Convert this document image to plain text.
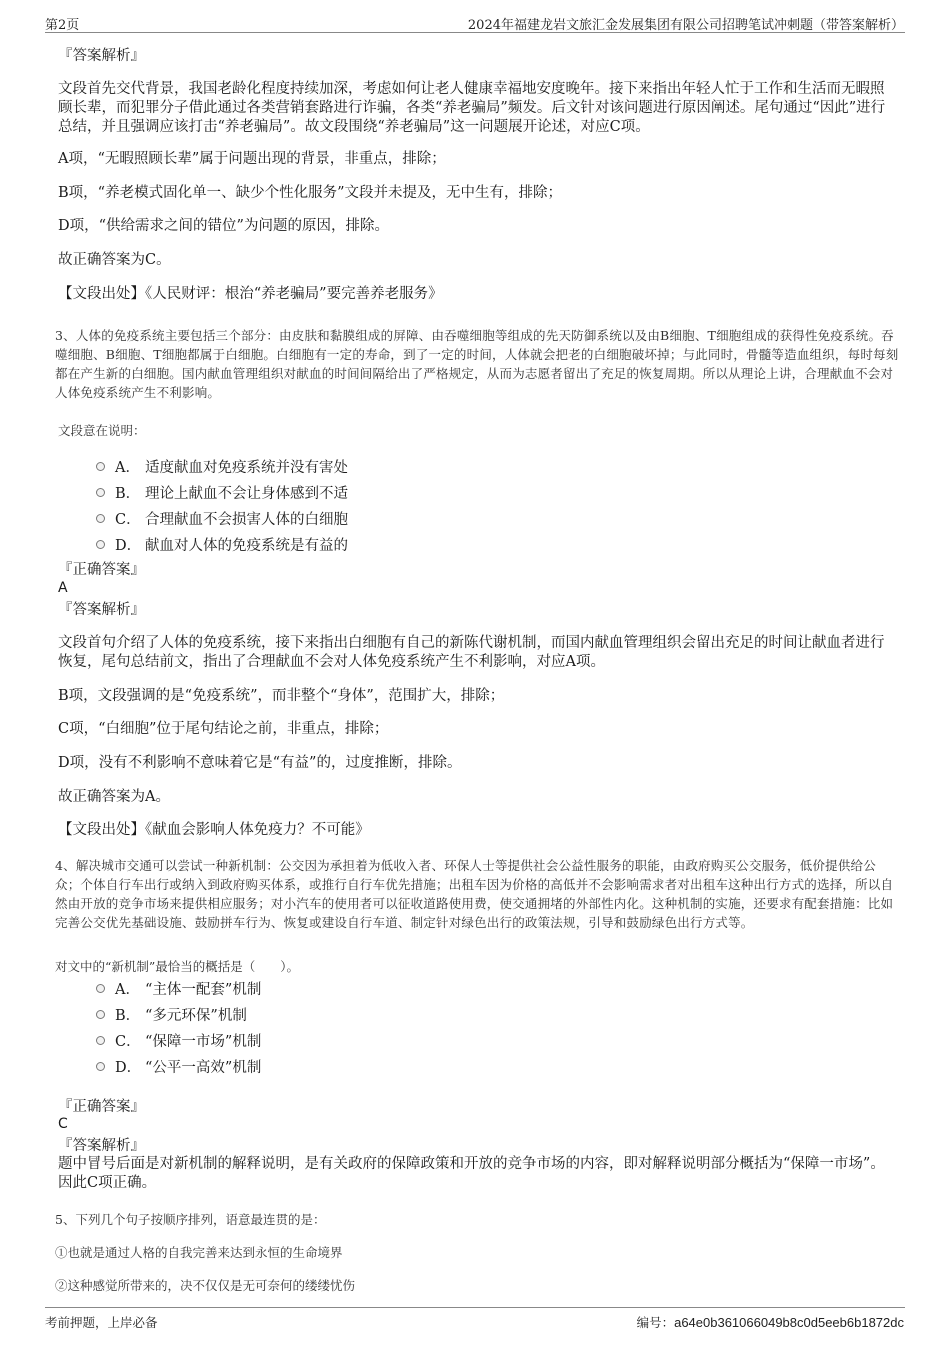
第2页	2024年福建龙岩文旅汇金发展集团有限公司招聘笔试冲刺题（带答案解析）
『答案解析』
文段首先交代背景，我国老龄化程度持续加深，考虑如何让老人健康幸福地安度晚年。接下来指出年轻人忙于工作和生活而无暇照顾长辈，而犯罪分子借此通过各类营销套路进行诈骗，各类“养老骗局”频发。后文针对该问题进行原因阐述。尾句通过“因此”进行总结，并且强调应该打击“养老骗局”。故文段围绕“养老骗局”这一问题展开论述，对应C项。
A项，“无暇照顾长辈”属于问题出现的背景，非重点，排除；
B项，“养老模式固化单一、缺少个性化服务”文段并未提及，无中生有，排除；
D项，“供给需求之间的错位”为问题的原因，排除。
故正确答案为C。
【文段出处】《人民财评：根治“养老骗局”要完善养老服务》
3、人体的免疫系统主要包括三个部分：由皮肤和黏膜组成的屏障、由吞噬细胞等组成的先天防御系统以及由B细胞、T细胞组成的获得性免疫系统。吞噬细胞、B细胞、T细胞都属于白细胞。白细胞有一定的寿命，到了一定的时间，人体就会把老的白细胞破坏掉；与此同时，骨髓等造血组织，每时每刻都在产生新的白细胞。国内献血管理组织对献血的时间间隔给出了严格规定，从而为志愿者留出了充足的恢复周期。所以从理论上讲，合理献血不会对人体免疫系统产生不利影响。
文段意在说明：
A． 适度献血对免疫系统并没有害处
B． 理论上献血不会让身体感到不适
C． 合理献血不会损害人体的白细胞
D． 献血对人体的免疫系统是有益的
『正确答案』
A
『答案解析』
文段首句介绍了人体的免疫系统，接下来指出白细胞有自己的新陈代谢机制，而国内献血管理组织会留出充足的时间让献血者进行恢复，尾句总结前文，指出了合理献血不会对人体免疫系统产生不利影响，对应A项。
B项，文段强调的是“免疫系统”，而非整个“身体”，范围扩大，排除；
C项，“白细胞”位于尾句结论之前，非重点，排除；
D项，没有不利影响不意味着它是“有益”的，过度推断，排除。
故正确答案为A。
【文段出处】《献血会影响人体免疫力？不可能》
4、解决城市交通可以尝试一种新机制：公交因为承担着为低收入者、环保人士等提供社会公益性服务的职能，由政府购买公交服务，低价提供给公众；个体自行车出行或纳入到政府购买体系，或推行自行车优先措施；出租车因为价格的高低并不会影响需求者对出租车这种出行方式的选择，所以自然由开放的竞争市场来提供相应服务；对小汽车的使用者可以征收道路使用费，使交通拥堵的外部性内化。这种机制的实施，还要求有配套措施：比如完善公交优先基础设施、鼓励拼车行为、恢复或建设自行车道、制定针对绿色出行的政策法规，引导和鼓励绿色出行方式等。
对文中的“新机制”最恰当的概括是（　　）。
A． “主体一配套”机制
B． “多元环保”机制
C． “保障一市场”机制
D． “公平一高效”机制
『正确答案』
C
『答案解析』
题中冒号后面是对新机制的解释说明，是有关政府的保障政策和开放的竞争市场的内容，即对解释说明部分概括为“保障一市场”。因此C项正确。
5、下列几个句子按顺序排列，语意最连贯的是：
①也就是通过人格的自我完善来达到永恒的生命境界
②这种感觉所带来的，决不仅仅是无可奈何的缕缕忧伤
考前押题，上岸必备	编号：a64e0b361066049b8c0d5eeb6b1872dc
